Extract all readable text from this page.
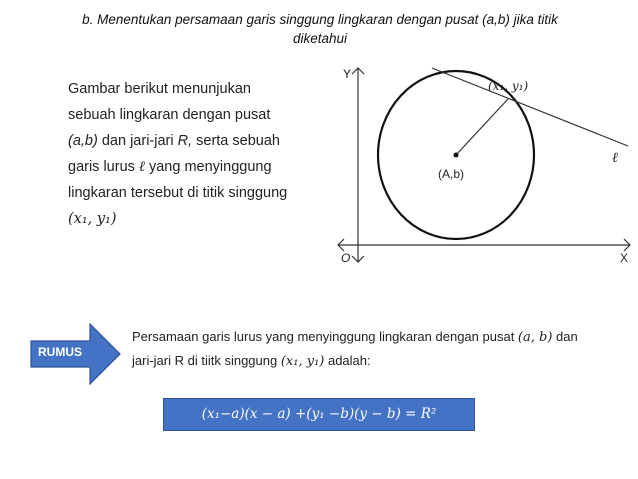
b. Menentukan persamaan garis singgung lingkaran dengan pusat (a,b) jika titik
diketahui
Gambar berikut menunjukan
sebuah lingkaran dengan pusat
(a,b) dan jari-jari R, serta sebuah
garis lurus ℓ yang menyinggung
lingkaran tersebut di titik singgung
(x₁, y₁)
Y
X
O
(A,b)
(x₁, y₁)
ℓ
RUMUS
Persamaan garis lurus yang menyinggung lingkaran dengan pusat (a, b) dan
jari-jari R di tiitk singgung (x₁, y₁) adalah:
(x₁−a)(x − a) +(y₁ −b)(y − b) = R²
